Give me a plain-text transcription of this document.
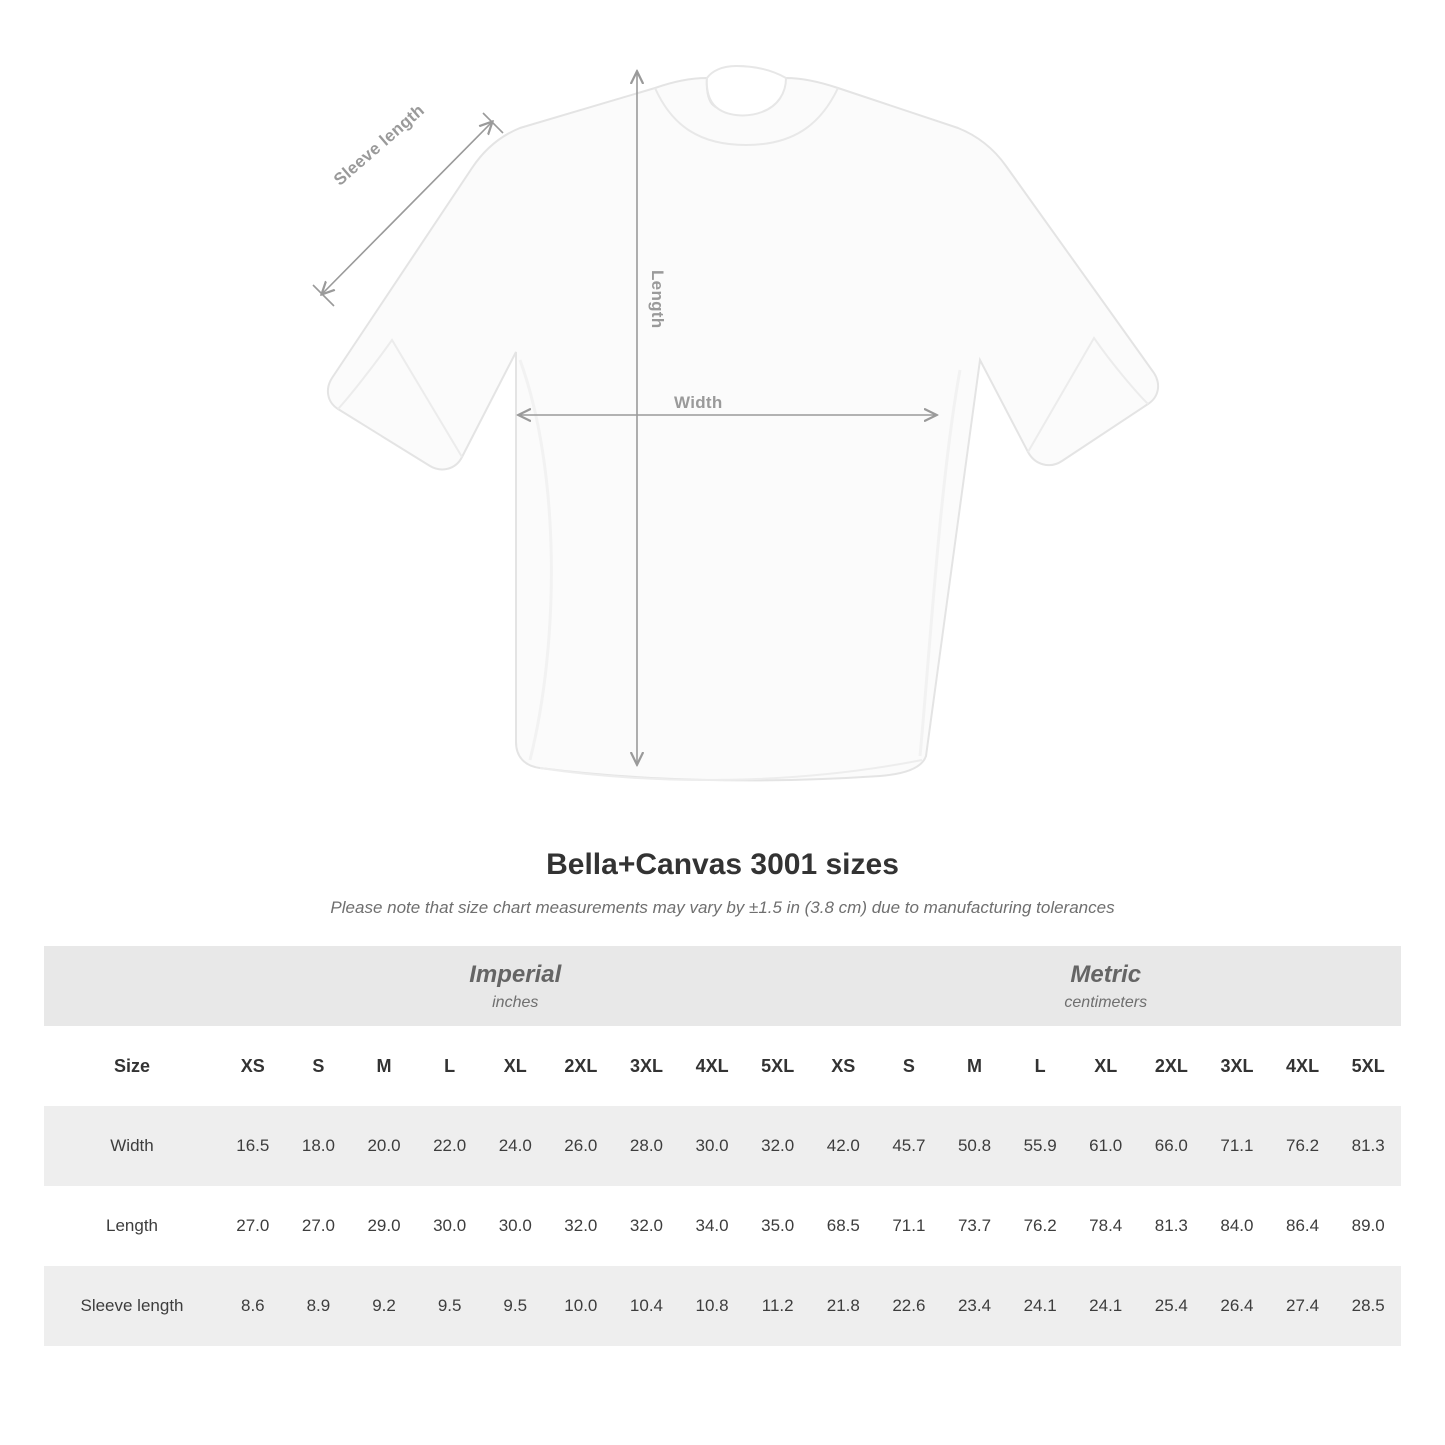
Sleeve length
Length
Width
Bella+Canvas 3001 sizes
Please note that size chart measurements may vary by ±1.5 in (3.8 cm) due to manufacturing tolerances

	Imperial
inches									Metric
centimeters								

Size	XS	S	M	L	XL	2XL	3XL	4XL	5XL	XS	S	M	L	XL	2XL	3XL	4XL	5XL
Width	16.5	18.0	20.0	22.0	24.0	26.0	28.0	30.0	32.0	42.0	45.7	50.8	55.9	61.0	66.0	71.1	76.2	81.3
Length	27.0	27.0	29.0	30.0	30.0	32.0	32.0	34.0	35.0	68.5	71.1	73.7	76.2	78.4	81.3	84.0	86.4	89.0
Sleeve length	8.6	8.9	9.2	9.5	9.5	10.0	10.4	10.8	11.2	21.8	22.6	23.4	24.1	24.1	25.4	26.4	27.4	28.5
